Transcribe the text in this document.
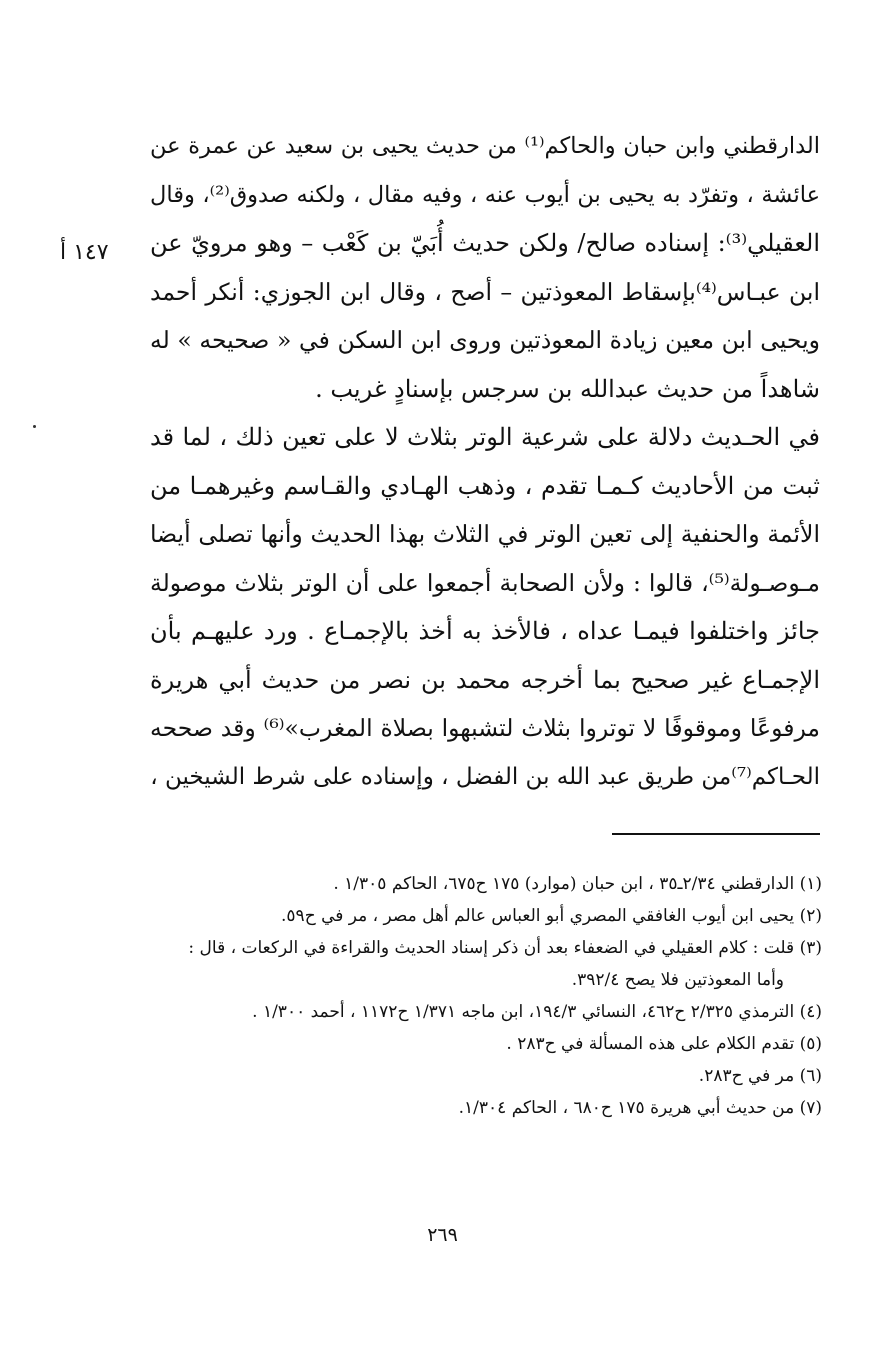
١٤٧ أ
الدارقطني وابن حبان والحاكم⁽¹⁾ من حديث يحيى بن سعيد عن عمرة عن
عائشة ، وتفرّد به يحيى بن أيوب عنه ، وفيه مقال ، ولكنه صدوق⁽²⁾، وقال
العقيلي⁽³⁾: إسناده صالح/ ولكن حديث أُبَيّ بن كَعْب – وهو مرويّ عن
ابن عبـاس⁽⁴⁾بإسقاط المعوذتين – أصح ، وقال ابن الجوزي: أنكر أحمد
ويحيى ابن معين زيادة المعوذتين وروى ابن السكن في « صحيحه » له
شاهداً من حديث عبدالله بن سرجس بإسنادٍ غريب .
في الحـديث دلالة على شرعية الوتر بثلاث لا على تعين ذلك ، لما قد
ثبت من الأحاديث كـمـا تقدم ، وذهب الهـادي والقـاسم وغيرهمـا من
الأئمة والحنفية إلى تعين الوتر في الثلاث بهذا الحديث وأنها تصلى أيضا
مـوصـولة⁽⁵⁾، قالوا : ولأن الصحابة أجمعوا على أن الوتر بثلاث موصولة
جائز واختلفوا فيمـا عداه ، فالأخذ به أخذ بالإجمـاع . ورد عليهـم بأن
الإجمـاع غير صحيح بما أخرجه محمد بن نصر من حديث أبي هريرة
مرفوعًا وموقوفًا لا توتروا بثلاث لتشبهوا بصلاة المغرب»⁽⁶⁾ وقد صححه
الحـاكم⁽⁷⁾من طريق عبد الله بن الفضل ، وإسناده على شرط الشيخين ،
(١) الدارقطني ٢/٣٤ـ٣٥ ، ابن حبان (موارد) ١٧٥ ح٦٧٥، الحاكم ١/٣٠٥ .
(٢) يحيى ابن أيوب الغافقي المصري أبو العباس عالم أهل مصر ، مر في ح٥٩.
(٣) قلت : كلام العقيلي في الضعفاء بعد أن ذكر إسناد الحديث والقراءة في الركعات ، قال :
وأما المعوذتين فلا يصح ٣٩٢/٤.
(٤) الترمذي ٢/٣٢٥ ح٤٦٢، النسائي ١٩٤/٣، ابن ماجه ١/٣٧١ ح١١٧٢ ، أحمد ١/٣٠٠ .
(٥) تقدم الكلام على هذه المسألة في ح٢٨٣ .
(٦) مر في ح٢٨٣.
(٧) من حديث أبي هريرة ١٧٥ ح٦٨٠ ، الحاكم ١/٣٠٤.
٢٦٩
